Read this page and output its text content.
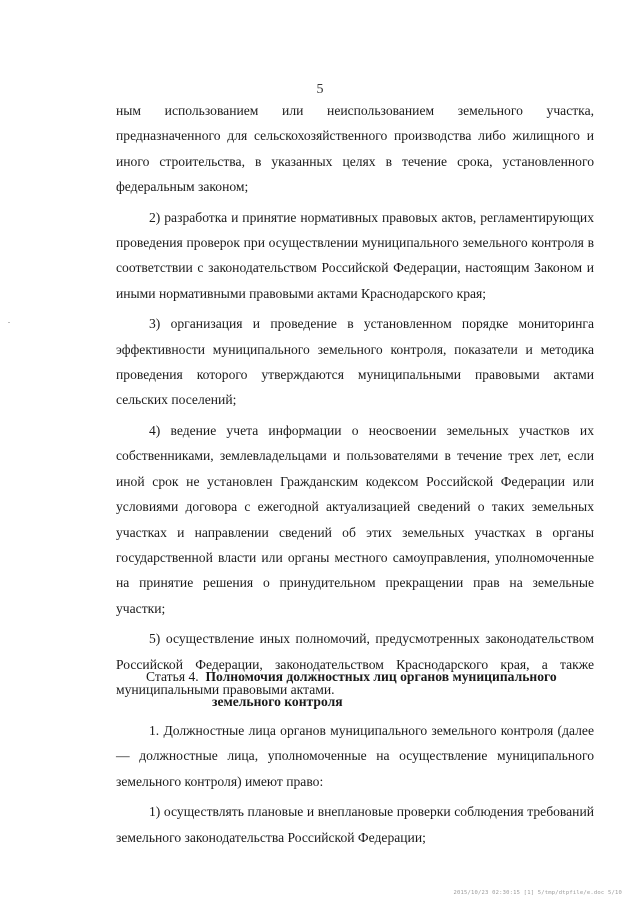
5

ным использованием или неиспользованием земельного участка, предназначенного для сельскохозяйственного производства либо жилищного и иного строительства, в указанных целях в течение срока, установленного федеральным законом;

2) разработка и принятие нормативных правовых актов, регламентирующих проведения проверок при осуществлении муниципального земельного контроля в соответствии с законодательством Российской Федерации, настоящим Законом и иными нормативными правовыми актами Краснодарского края;

3) организация и проведение в установленном порядке мониторинга эффективности муниципального земельного контроля, показатели и методика проведения которого утверждаются муниципальными правовыми актами сельских поселений;

4) ведение учета информации о неосвоении земельных участков их собственниками, землевладельцами и пользователями в течение трех лет, если иной срок не установлен Гражданским кодексом Российской Федерации или условиями договора с ежегодной актуализацией сведений о таких земельных участках и направлении сведений об этих земельных участках в органы государственной власти или органы местного самоуправления, уполномоченные на принятие решения о принудительном прекращении прав на земельные участки;

5) осуществление иных полномочий, предусмотренных законодательством Российской Федерации, законодательством Краснодарского края, а также муниципальными правовыми актами.

Статья 4. Полномочия должностных лиц органов муниципального
земельного контроля

1. Должностные лица органов муниципального земельного контроля (далее — должностные лица, уполномоченные на осуществление муниципального земельного контроля) имеют право:

1) осуществлять плановые и внеплановые проверки соблюдения требований земельного законодательства Российской Федерации;

2015/10/23 02:30:15 [1] 5/tmp/dtpfile/e.doc 5/10
